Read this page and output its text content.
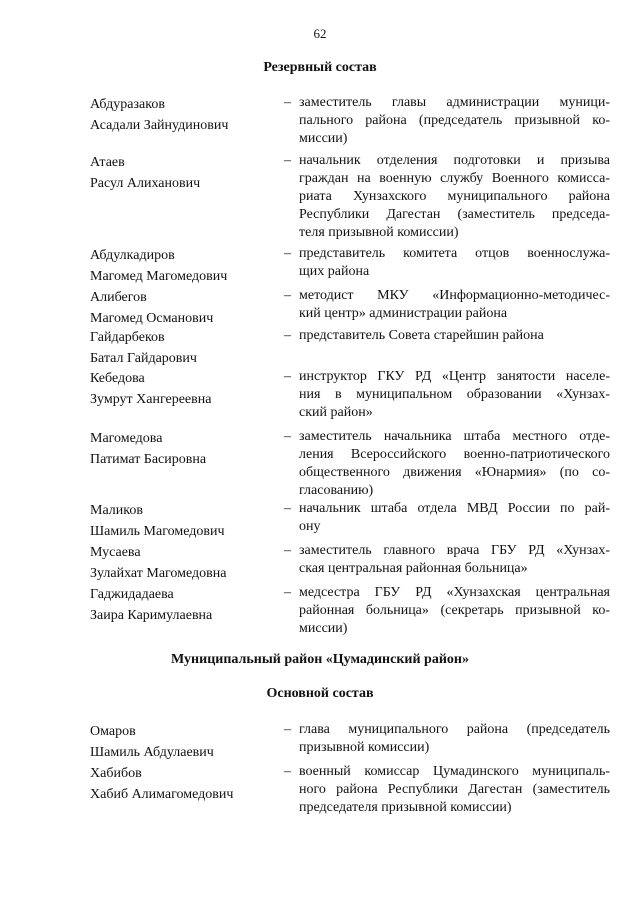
62
Резервный состав
Абдуразаков
Асадали Зайнудинович
– заместитель главы администрации муници-
пального района (председатель призывной ко-
миссии)
Атаев
Расул Алиханович
– начальник отделения подготовки и призыва
граждан на военную службу Военного комисса-
риата Хунзахского муниципального района
Республики Дагестан (заместитель председа-
теля призывной комиссии)
Абдулкадиров
Магомед Магомедович
– представитель комитета отцов военнослужа-
щих района
Алибегов
Магомед Османович
– методист МКУ «Информационно-методичес-
кий центр» администрации района
Гайдарбеков
Батал Гайдарович
– представитель Совета старейшин района
Кебедова
Зумрут Хангереевна
– инструктор ГКУ РД «Центр занятости населе-
ния в муниципальном образовании «Хунзах-
ский район»
Магомедова
Патимат Басировна
– заместитель начальника штаба местного отде-
ления Всероссийского военно-патриотического
общественного движения «Юнармия» (по со-
гласованию)
Маликов
Шамиль Магомедович
– начальник штаба отдела МВД России по рай-
ону
Мусаева
Зулайхат Магомедовна
– заместитель главного врача ГБУ РД «Хунзах-
ская центральная районная больница»
Гаджидадаева
Заира Каримулаевна
– медсестра ГБУ РД «Хунзахская центральная
районная больница» (секретарь призывной ко-
миссии)
Муниципальный район «Цумадинский район»
Основной состав
Омаров
Шамиль Абдулаевич
– глава муниципального района (председатель
призывной комиссии)
Хабибов
Хабиб Алимагомедович
– военный комиссар Цумадинского муниципаль-
ного района Республики Дагестан (заместитель
председателя призывной комиссии)
